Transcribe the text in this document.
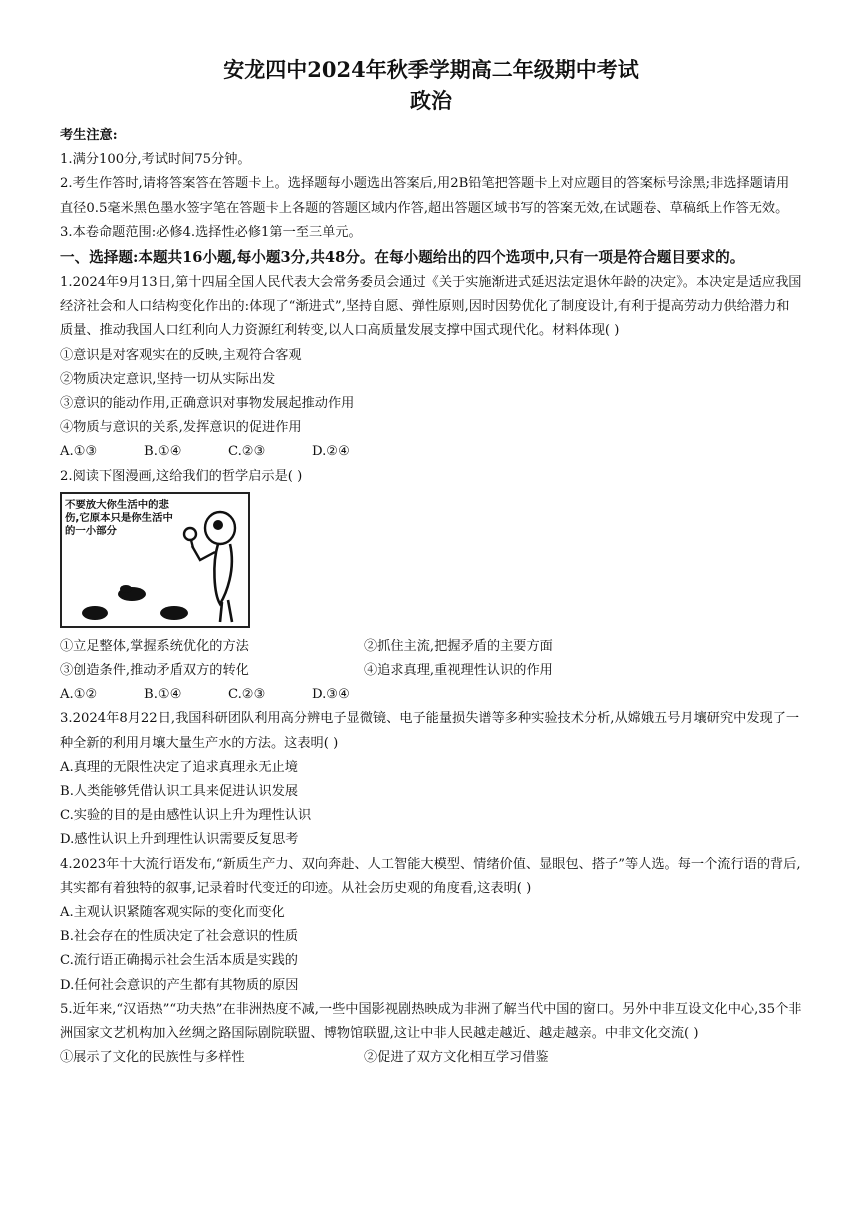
安龙四中2024年秋季学期高二年级期中考试
政治

考生注意:

1.满分100分,考试时间75分钟。

2.考生作答时,请将答案答在答题卡上。选择题每小题选出答案后,用2B铅笔把答题卡上对应题目的答案标号涂黑;非选择题请用直径0.5毫米黑色墨水签字笔在答题卡上各题的答题区域内作答,超出答题区域书写的答案无效,在试题卷、草稿纸上作答无效。

3.本卷命题范围:必修4.选择性必修1第一至三单元。

一、选择题:本题共16小题,每小题3分,共48分。在每小题给出的四个选项中,只有一项是符合题目要求的。

1.2024年9月13日,第十四届全国人民代表大会常务委员会通过《关于实施渐进式延迟法定退休年龄的决定》。本决定是适应我国经济社会和人口结构变化作出的:体现了“渐进式”,坚持自愿、弹性原则,因时因势优化了制度设计,有利于提高劳动力供给潜力和质量、推动我国人口红利向人力资源红利转变,以人口高质量发展支撑中国式现代化。材料体现( )

①意识是对客观实在的反映,主观符合客观

②物质决定意识,坚持一切从实际出发

③意识的能动作用,正确意识对事物发展起推动作用

④物质与意识的关系,发挥意识的促进作用

A.①③	B.①④	C.②③	D.②④

2.阅读下图漫画,这给我们的哲学启示是( )

不要放大你生活中的悲伤,它原本只是你生活中的一小部分
①立足整体,掌握系统优化的方法	②抓住主流,把握矛盾的主要方面
③创造条件,推动矛盾双方的转化	④追求真理,重视理性认识的作用
A.①②	B.①④	C.②③	D.③④

3.2024年8月22日,我国科研团队利用高分辨电子显微镜、电子能量损失谱等多种实验技术分析,从嫦娥五号月壤研究中发现了一种全新的利用月壤大量生产水的方法。这表明( )

A.真理的无限性决定了追求真理永无止境

B.人类能够凭借认识工具来促进认识发展

C.实验的目的是由感性认识上升为理性认识

D.感性认识上升到理性认识需要反复思考

4.2023年十大流行语发布,“新质生产力、双向奔赴、人工智能大模型、情绪价值、显眼包、搭子”等人选。每一个流行语的背后,其实都有着独特的叙事,记录着时代变迁的印迹。从社会历史观的角度看,这表明( )

A.主观认识紧随客观实际的变化而变化

B.社会存在的性质决定了社会意识的性质

C.流行语正确揭示社会生活本质是实践的

D.任何社会意识的产生都有其物质的原因

5.近年来,“汉语热”“功夫热”在非洲热度不减,一些中国影视剧热映成为非洲了解当代中国的窗口。另外中非互设文化中心,35个非洲国家文艺机构加入丝绸之路国际剧院联盟、博物馆联盟,这让中非人民越走越近、越走越亲。中非文化交流( )

①展示了文化的民族性与多样性	②促进了双方文化相互学习借鉴
